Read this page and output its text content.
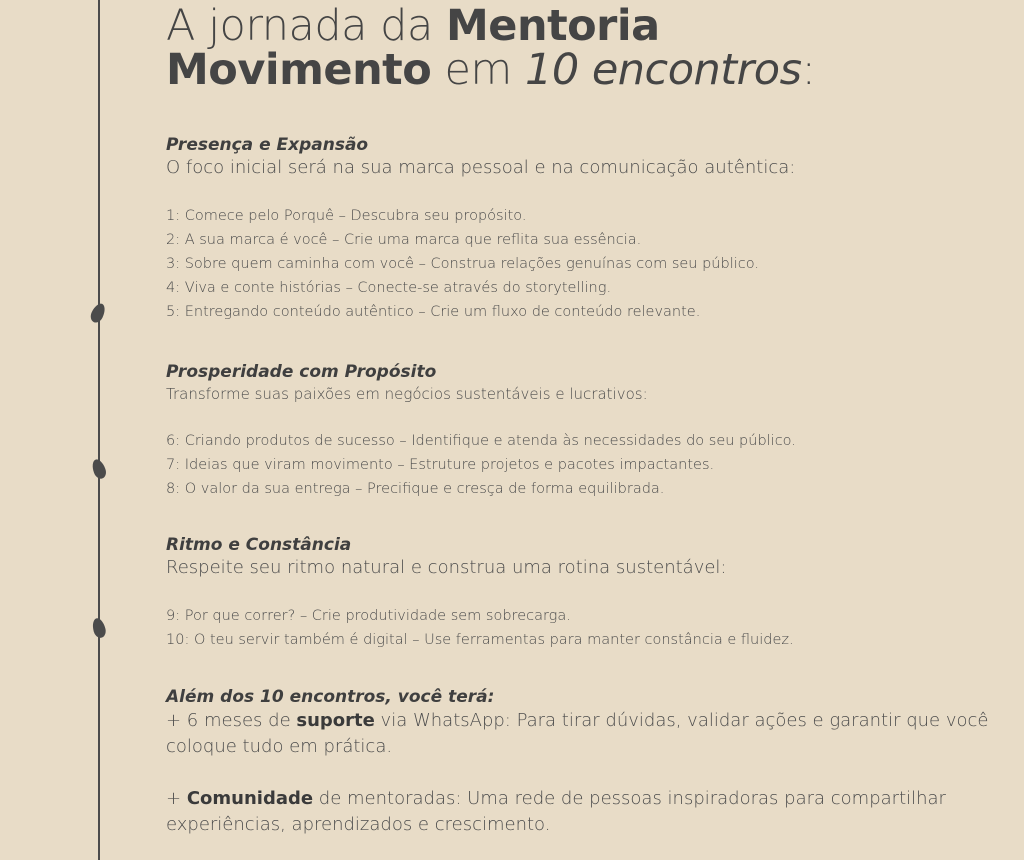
A jornada da Mentoria
Movimento em 10 encontros:
Presença e Expansão
O foco inicial será na sua marca pessoal e na comunicação autêntica:
1: Comece pelo Porquê – Descubra seu propósito.
2: A sua marca é você – Crie uma marca que reflita sua essência.
3: Sobre quem caminha com você – Construa relações genuínas com seu público.
4: Viva e conte histórias – Conecte-se através do storytelling.
5: Entregando conteúdo autêntico – Crie um fluxo de conteúdo relevante.
Prosperidade com Propósito
Transforme suas paixões em negócios sustentáveis e lucrativos:
6: Criando produtos de sucesso – Identifique e atenda às necessidades do seu público.
7: Ideias que viram movimento – Estruture projetos e pacotes impactantes.
8: O valor da sua entrega – Precifique e cresça de forma equilibrada.
Ritmo e Constância
Respeite seu ritmo natural e construa uma rotina sustentável:
9: Por que correr? – Crie produtividade sem sobrecarga.
10: O teu servir também é digital – Use ferramentas para manter constância e fluidez.
Além dos 10 encontros, você terá:
+ 6 meses de suporte via WhatsApp: Para tirar dúvidas, validar ações e garantir que você coloque tudo em prática.
+ Comunidade de mentoradas: Uma rede de pessoas inspiradoras para compartilhar experiências, aprendizados e crescimento.
